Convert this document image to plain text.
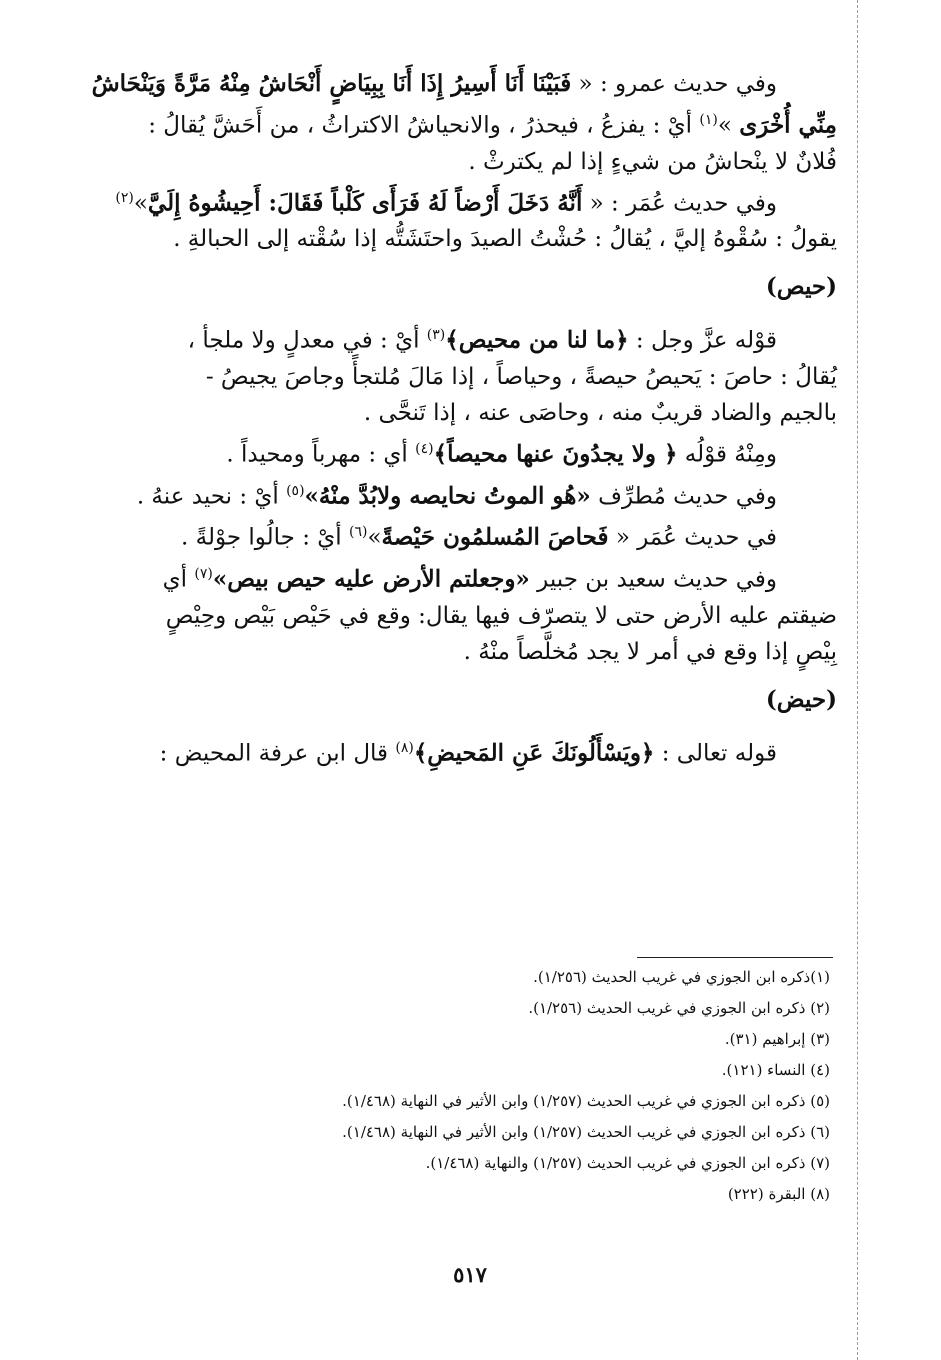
وفي حديث عمرو : « فَبَيْنَا أَنَا أَسِيرُ إِذَا أَنَا بِبِيَاضٍ أَنْحَاشُ مِنْهُ مَرَّةً وَيَنْحَاشُ

مِنِّي أُخْرَى »$^{(١)}$ أيْ : يفزعُ ، فيحذرُ ، والانحياشُ الاكتراثُ ، من أَحَشَّ يُقالُ :

فُلانٌ لا ينْحاشُ من شيءٍ إذا لم يكترثْ .

وفي حديث عُمَر : « أَنَّهُ دَخَلَ أَرْضاً لَهُ فَرَأَى كَلْباً فَقَالَ: أَحِيشُوهُ إِلَيَّ»$^{(٢)}$

يقولُ : سُقْوهُ إليَّ ، يُقالُ : حُشْتُ الصيدَ واحتَشَتُّه إذا سُقْته إلى الحبالةِ .

(حيص)

قوْله عزَّ وجل : ﴿ما لنا من محيص﴾$^{(٣)}$ أيْ : في معدلٍ ولا ملجأ ،

يُقالُ : حاصَ : يَحيصُ حيصةً ، وحياصاً ، إذا مَالَ مُلتجأً وجاصَ يجيصُ -

بالجيم والضاد قريبٌ منه ، وحاصَى عنه ، إذا تَنحَّى .

ومِنْهُ قوْلُه ﴿ ولا يجدُونَ عنها محيصاً﴾$^{(٤)}$ أي : مهرباً ومحيداً .

وفي حديث مُطرِّف «هُو الموتُ نحايصه ولابُدَّ منْهُ»$^{(٥)}$ أيْ : نحيد عنهُ .

في حديث عُمَر « فَحاصَ المُسلمُون حَيْصةً»$^{(٦)}$ أيْ : جالُوا جوْلةً .

وفي حديث سعيد بن جبير «وجعلتم الأرض عليه حيص بيص»$^{(٧)}$ أي

ضيقتم عليه الأرض حتى لا يتصرّف فيها يقال: وقع في حَيْص بَيْص وحِيْصٍ

بِيْصٍ إذا وقع في أمر لا يجد مُخلَّصاً منْهُ .

(حيض)

قوله تعالى : ﴿ويَسْأَلُونَكَ عَنِ المَحيضِ﴾$^{(٨)}$ قال ابن عرفة المحيض :

(١)ذكره ابن الجوزي في غريب الحديث (١/٢٥٦).

(٢) ذكره ابن الجوزي في غريب الحديث (١/٢٥٦).

(٣) إبراهيم (٣١).

(٤) النساء (١٢١).

(٥) ذكره ابن الجوزي في غريب الحديث (١/٢٥٧) وابن الأثير في النهاية (١/٤٦٨).

(٦) ذكره ابن الجوزي في غريب الحديث (١/٢٥٧) وابن الأثير في النهاية (١/٤٦٨).

(٧) ذكره ابن الجوزي في غريب الحديث (١/٢٥٧) والنهاية (١/٤٦٨).

(٨) البقرة (٢٢٢)

٥١٧
